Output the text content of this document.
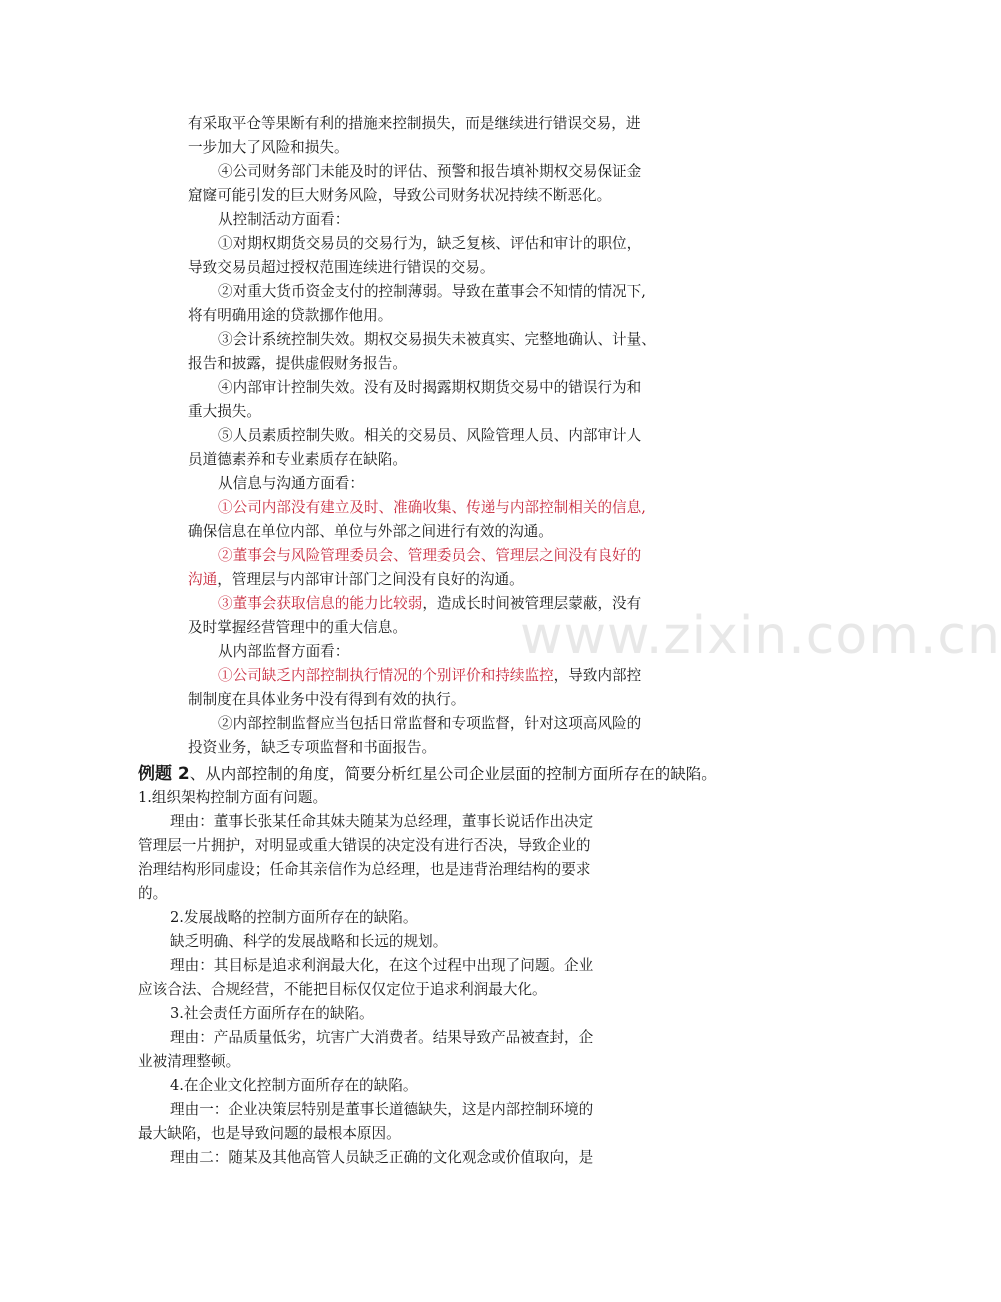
www.zixin.com.cn
有采取平仓等果断有利的措施来控制损失，而是继续进行错误交易，进
一步加大了风险和损失。
④公司财务部门未能及时的评估、预警和报告填补期权交易保证金
窟窿可能引发的巨大财务风险，导致公司财务状况持续不断恶化。
从控制活动方面看：
①对期权期货交易员的交易行为，缺乏复核、评估和审计的职位，
导致交易员超过授权范围连续进行错误的交易。
②对重大货币资金支付的控制薄弱。导致在董事会不知情的情况下,
将有明确用途的贷款挪作他用。
③会计系统控制失效。期权交易损失未被真实、完整地确认、计量、
报告和披露，提供虚假财务报告。
④内部审计控制失效。没有及时揭露期权期货交易中的错误行为和
重大损失。
⑤人员素质控制失败。相关的交易员、风险管理人员、内部审计人
员道德素养和专业素质存在缺陷。
从信息与沟通方面看：
①公司内部没有建立及时、准确收集、传递与内部控制相关的信息,
确保信息在单位内部、单位与外部之间进行有效的沟通。
②董事会与风险管理委员会、管理委员会、管理层之间没有良好的
沟通，管理层与内部审计部门之间没有良好的沟通。
③董事会获取信息的能力比较弱，造成长时间被管理层蒙蔽，没有
及时掌握经营管理中的重大信息。
从内部监督方面看：
①公司缺乏内部控制执行情况的个别评价和持续监控，导致内部控
制制度在具体业务中没有得到有效的执行。
②内部控制监督应当包括日常监督和专项监督，针对这项高风险的
投资业务，缺乏专项监督和书面报告。
例题 2、从内部控制的角度，简要分析红星公司企业层面的控制方面所存在的缺陷。
1.组织架构控制方面有问题。
理由：董事长张某任命其妹夫随某为总经理，董事长说话作出决定
管理层一片拥护，对明显或重大错误的决定没有进行否决，导致企业的
治理结构形同虚设；任命其亲信作为总经理，也是违背治理结构的要求
的。
2.发展战略的控制方面所存在的缺陷。
缺乏明确、科学的发展战略和长远的规划。
理由：其目标是追求利润最大化，在这个过程中出现了问题。企业
应该合法、合规经营，不能把目标仅仅定位于追求利润最大化。
3.社会责任方面所存在的缺陷。
理由：产品质量低劣，坑害广大消费者。结果导致产品被查封，企
业被清理整顿。
4.在企业文化控制方面所存在的缺陷。
理由一：企业决策层特别是董事长道德缺失，这是内部控制环境的
最大缺陷，也是导致问题的最根本原因。
理由二：随某及其他高管人员缺乏正确的文化观念或价值取向，是
